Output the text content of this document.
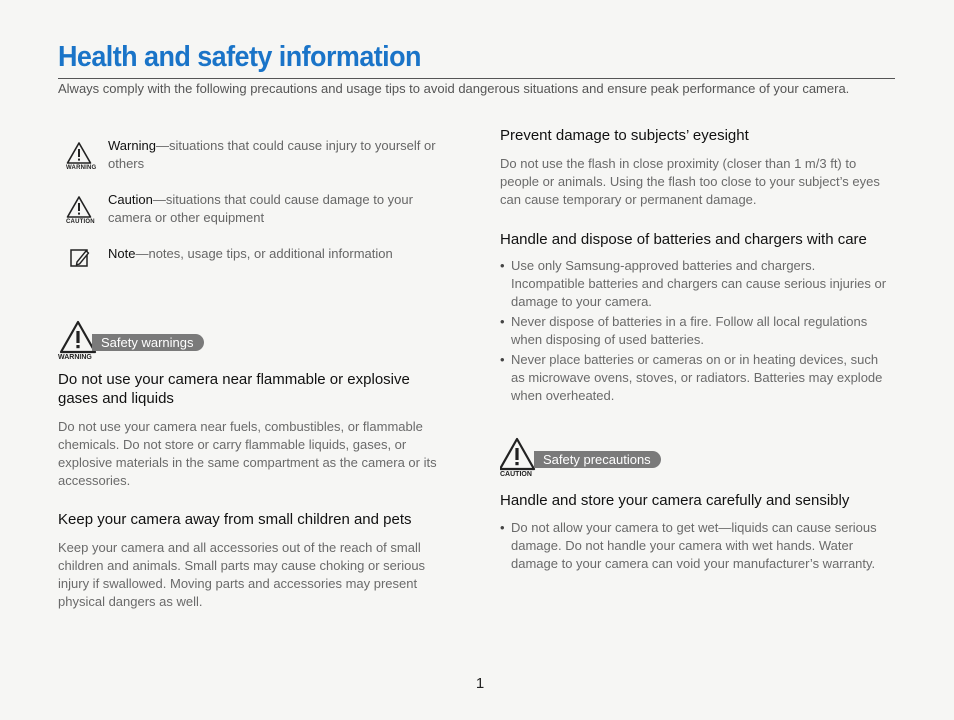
Health and safety information
Always comply with the following precautions and usage tips to avoid dangerous situations and ensure peak performance of your camera.
WARNING
Warning—situations that could cause injury to yourself or others
CAUTION
Caution—situations that could cause damage to your camera or other equipment
Note—notes, usage tips, or additional information
WARNING
Safety warnings
Do not use your camera near flammable or explosive gases and liquids
Do not use your camera near fuels, combustibles, or flammable chemicals. Do not store or carry flammable liquids, gases, or explosive materials in the same compartment as the camera or its accessories.
Keep your camera away from small children and pets
Keep your camera and all accessories out of the reach of small children and animals. Small parts may cause choking or serious injury if swallowed. Moving parts and accessories may present physical dangers as well.
Prevent damage to subjects’ eyesight
Do not use the flash in close proximity (closer than 1 m/3 ft) to people or animals. Using the flash too close to your subject’s eyes can cause temporary or permanent damage.
Handle and dispose of batteries and chargers with care
• Use only Samsung-approved batteries and chargers. Incompatible batteries and chargers can cause serious injuries or damage to your camera.
• Never dispose of batteries in a fire. Follow all local regulations when disposing of used batteries.
• Never place batteries or cameras on or in heating devices, such as microwave ovens, stoves, or radiators. Batteries may explode when overheated.
CAUTION
Safety precautions
Handle and store your camera carefully and sensibly
• Do not allow your camera to get wet—liquids can cause serious damage. Do not handle your camera with wet hands. Water damage to your camera can void your manufacturer’s warranty.
1
